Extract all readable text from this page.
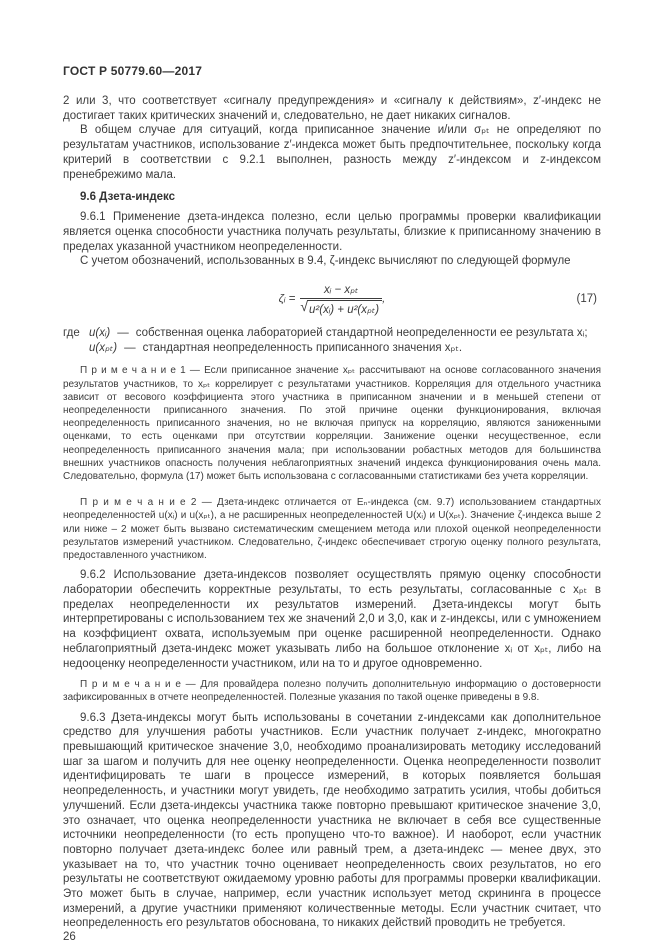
ГОСТ Р 50779.60—2017

2 или 3, что соответствует «сигналу предупреждения» и «сигналу к действиям», z′-индекс не достигает таких критических значений и, следовательно, не дает никаких сигналов.

В общем случае для ситуаций, когда приписанное значение и/или σₚₜ не определяют по результатам участников, использование z′-индекса может быть предпочтительнее, поскольку когда критерий в соответствии с 9.2.1 выполнен, разность между z′-индексом и z-индексом пренебрежимо мала.

9.6 Дзета-индекс

9.6.1 Применение дзета-индекса полезно, если целью программы проверки квалификации является оценка способности участника получать результаты, близкие к приписанному значению в пределах указанной участником неопределенности.

С учетом обозначений, использованных в 9.4, ζ-индекс вычисляют по следующей формуле

ζᵢ = $\frac{\text{xᵢ − xₚₜ}}{\text{√ u²(xᵢ) + u²(xₚₜ)}}$ ,	(17)
где u(xᵢ) — собственная оценка лабораторией стандартной неопределенности ее результата xᵢ;
u(xₚₜ) — стандартная неопределенность приписанного значения xₚₜ.

П р и м е ч а н и е 1 — Если приписанное значение xₚₜ рассчитывают на основе согласованного значения результатов участников, то xₚₜ коррелирует с результатами участников. Корреляция для отдельного участника зависит от весового коэффициента этого участника в приписанном значении и в меньшей степени от неопределенности приписанного значения. По этой причине оценки функционирования, включая неопределенность приписанного значения, но не включая припуск на корреляцию, являются заниженными оценками, то есть оценками при отсутствии корреляции. Занижение оценки несущественное, если неопределенность приписанного значения мала; при использовании робастных методов для большинства внешних участников опасность получения неблагоприятных значений индекса функционирования очень мала. Следовательно, формула (17) может быть использована с согласованными статистиками без учета корреляции.

П р и м е ч а н и е 2 — Дзета-индекс отличается от Eₙ-индекса (см. 9.7) использованием стандартных неопределенностей u(xᵢ) и u(xₚₜ), а не расширенных неопределенностей U(xᵢ) и U(xₚₜ). Значение ζ-индекса выше 2 или ниже – 2 может быть вызвано систематическим смещением метода или плохой оценкой неопределенности результатов измерений участником. Следовательно, ζ-индекс обеспечивает строгую оценку полного результата, предоставленного участником.

9.6.2 Использование дзета-индексов позволяет осуществлять прямую оценку способности лаборатории обеспечить корректные результаты, то есть результаты, согласованные с xₚₜ в пределах неопределенности их результатов измерений. Дзета-индексы могут быть интерпретированы с использованием тех же значений 2,0 и 3,0, как и z-индексы, или с умножением на коэффициент охвата, используемым при оценке расширенной неопределенности. Однако неблагоприятный дзета-индекс может указывать либо на большое отклонение xᵢ от xₚₜ, либо на недооценку неопределенности участником, или на то и другое одновременно.

П р и м е ч а н и е — Для провайдера полезно получить дополнительную информацию о достоверности зафиксированных в отчете неопределенностей. Полезные указания по такой оценке приведены в 9.8.

9.6.3 Дзета-индексы могут быть использованы в сочетании z-индексами как дополнительное средство для улучшения работы участников. Если участник получает z-индекс, многократно превышающий критическое значение 3,0, необходимо проанализировать методику исследований шаг за шагом и получить для нее оценку неопределенности. Оценка неопределенности позволит идентифицировать те шаги в процессе измерений, в которых появляется большая неопределенность, и участники могут увидеть, где необходимо затратить усилия, чтобы добиться улучшений. Если дзета-индексы участника также повторно превышают критическое значение 3,0, это означает, что оценка неопределенности участника не включает в себя все существенные источники неопределенности (то есть пропущено что-то важное). И наоборот, если участник повторно получает дзета-индекс более или равный трем, а дзета-индекс — менее двух, это указывает на то, что участник точно оценивает неопределенность своих результатов, но его результаты не соответствуют ожидаемому уровню работы для программы проверки квалификации. Это может быть в случае, например, если участник использует метод скрининга в процессе измерений, а другие участники применяют количественные методы. Если участник считает, что неопределенность его результатов обоснована, то никаких действий проводить не требуется.

26
